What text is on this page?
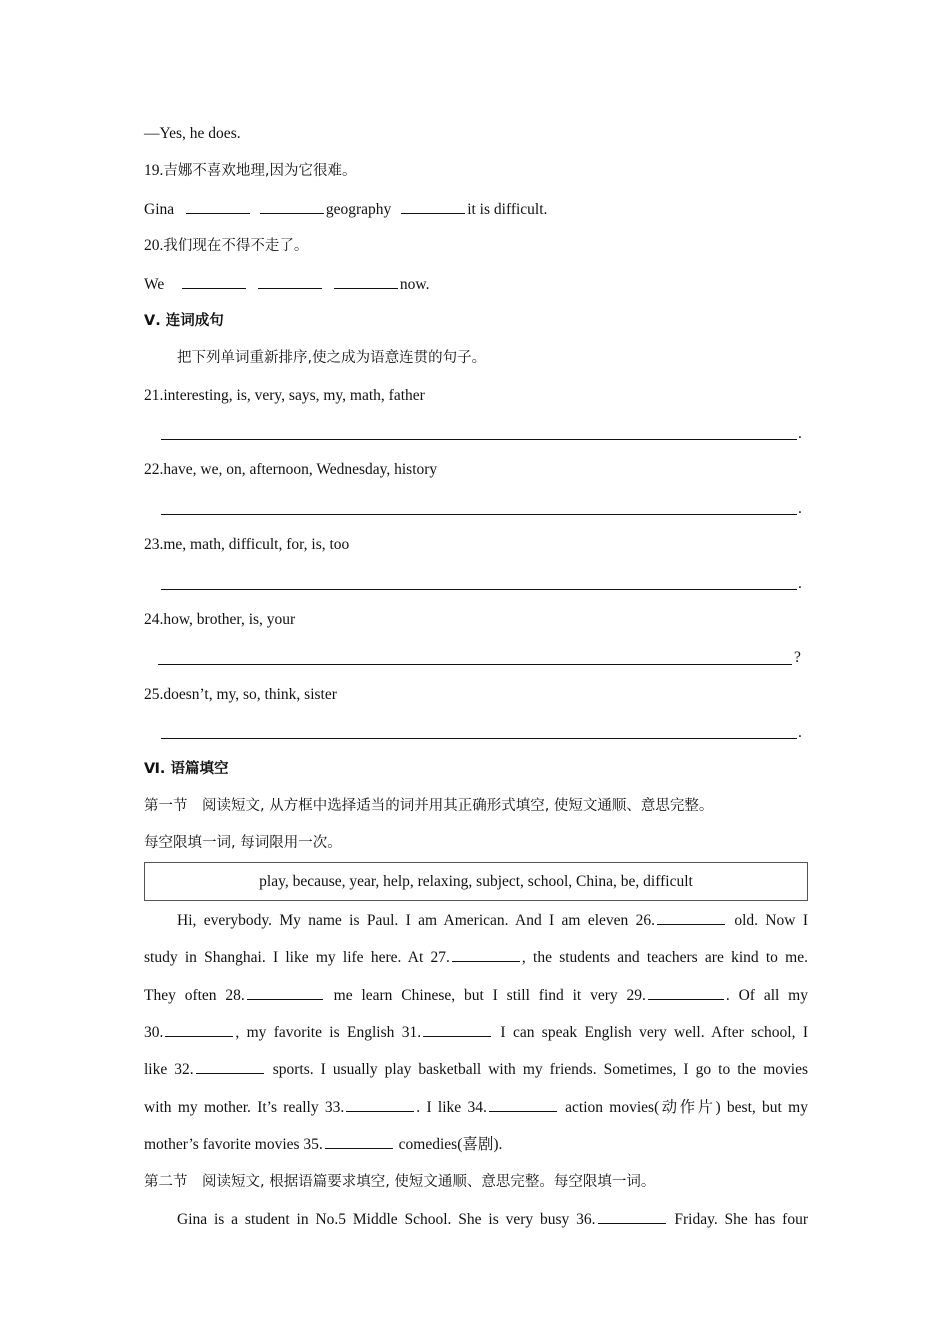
—Yes, he does.
19.吉娜不喜欢地理,因为它很难。
Gina	geography	it is difficult.
20.我们现在不得不走了。
We	now.
Ⅴ. 连词成句
把下列单词重新排序,使之成为语意连贯的句子。
21.interesting, is, very, says, my, math, father
.
22.have, we, on, afternoon, Wednesday, history
.
23.me, math, difficult, for, is, too
.
24.how, brother, is, your
?
25.doesn’t, my, so, think, sister
.
Ⅵ. 语篇填空
第一节　阅读短文, 从方框中选择适当的词并用其正确形式填空, 使短文通顺、意思完整。
每空限填一词, 每词限用一次。
play, because, year, help, relaxing, subject, school, China, be, difficult
Hi, everybody. My name is Paul. I am American. And I am eleven 26.	old. Now I
study in Shanghai. I like my life here. At 27.	, the students and teachers are kind to me.
They often 28.	me learn Chinese, but I still find it very 29.	. Of all my
30.	, my favorite is English 31.	I can speak English very well. After school, I
like 32.	sports. I usually play basketball with my friends. Sometimes, I go to the movies
with my mother. It’s really 33.	. I like 34.	action movies(动作片) best, but my
mother’s favorite movies 35.	comedies(喜剧).
第二节　阅读短文, 根据语篇要求填空, 使短文通顺、意思完整。每空限填一词。
Gina is a student in No.5 Middle School. She is very busy 36.	Friday. She has four
